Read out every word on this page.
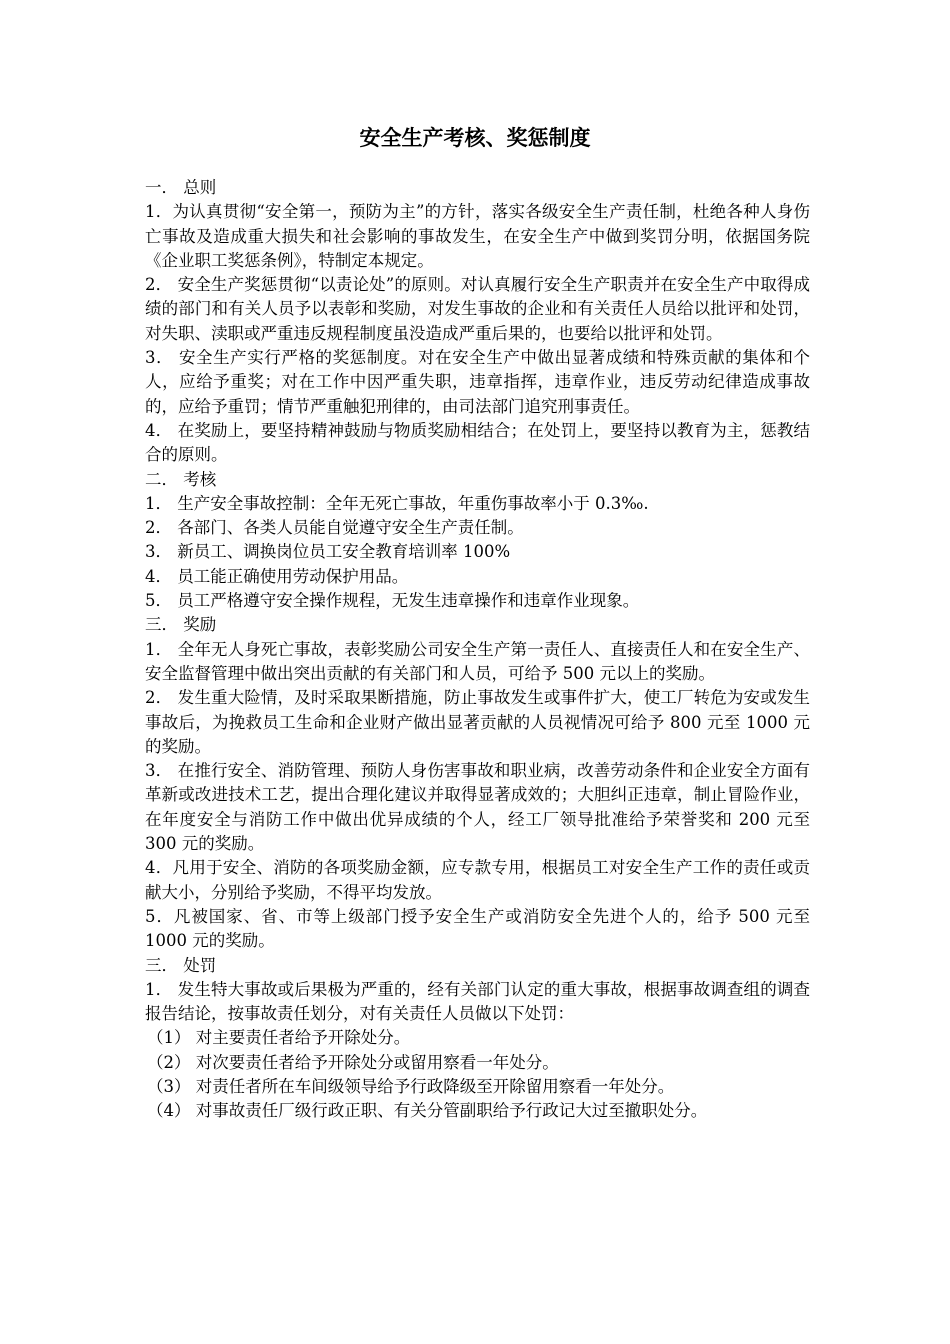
安全生产考核、奖惩制度

一． 总则

1．为认真贯彻“安全第一，预防为主”的方针，落实各级安全生产责任制，杜绝各种人身伤亡事故及造成重大损失和社会影响的事故发生，在安全生产中做到奖罚分明，依据国务院《企业职工奖惩条例》，特制定本规定。

2． 安全生产奖惩贯彻“以责论处”的原则。对认真履行安全生产职责并在安全生产中取得成绩的部门和有关人员予以表彰和奖励，对发生事故的企业和有关责任人员给以批评和处罚，对失职、渎职或严重违反规程制度虽没造成严重后果的，也要给以批评和处罚。

3． 安全生产实行严格的奖惩制度。对在安全生产中做出显著成绩和特殊贡献的集体和个人，应给予重奖；对在工作中因严重失职，违章指挥，违章作业，违反劳动纪律造成事故的，应给予重罚；情节严重触犯刑律的，由司法部门追究刑事责任。

4． 在奖励上，要坚持精神鼓励与物质奖励相结合；在处罚上，要坚持以教育为主，惩教结合的原则。

二． 考核

1． 生产安全事故控制：全年无死亡事故，年重伤事故率小于 0.3‰.

2． 各部门、各类人员能自觉遵守安全生产责任制。

3． 新员工、调换岗位员工安全教育培训率 100%

4． 员工能正确使用劳动保护用品。

5． 员工严格遵守安全操作规程，无发生违章操作和违章作业现象。

三． 奖励

1． 全年无人身死亡事故，表彰奖励公司安全生产第一责任人、直接责任人和在安全生产、安全监督管理中做出突出贡献的有关部门和人员，可给予 500 元以上的奖励。

2． 发生重大险情，及时采取果断措施，防止事故发生或事件扩大，使工厂转危为安或发生事故后，为挽救员工生命和企业财产做出显著贡献的人员视情况可给予 800 元至 1000 元的奖励。

3． 在推行安全、消防管理、预防人身伤害事故和职业病，改善劳动条件和企业安全方面有革新或改进技术工艺，提出合理化建议并取得显著成效的；大胆纠正违章，制止冒险作业，在年度安全与消防工作中做出优异成绩的个人，经工厂领导批准给予荣誉奖和 200 元至 300 元的奖励。

4．凡用于安全、消防的各项奖励金额，应专款专用，根据员工对安全生产工作的责任或贡献大小，分别给予奖励，不得平均发放。

5．凡被国家、省、市等上级部门授予安全生产或消防安全先进个人的，给予 500 元至 1000 元的奖励。

三． 处罚

1． 发生特大事故或后果极为严重的，经有关部门认定的重大事故，根据事故调查组的调查报告结论，按事故责任划分，对有关责任人员做以下处罚：

（1） 对主要责任者给予开除处分。

（2） 对次要责任者给予开除处分或留用察看一年处分。

（3） 对责任者所在车间级领导给予行政降级至开除留用察看一年处分。

（4） 对事故责任厂级行政正职、有关分管副职给予行政记大过至撤职处分。
